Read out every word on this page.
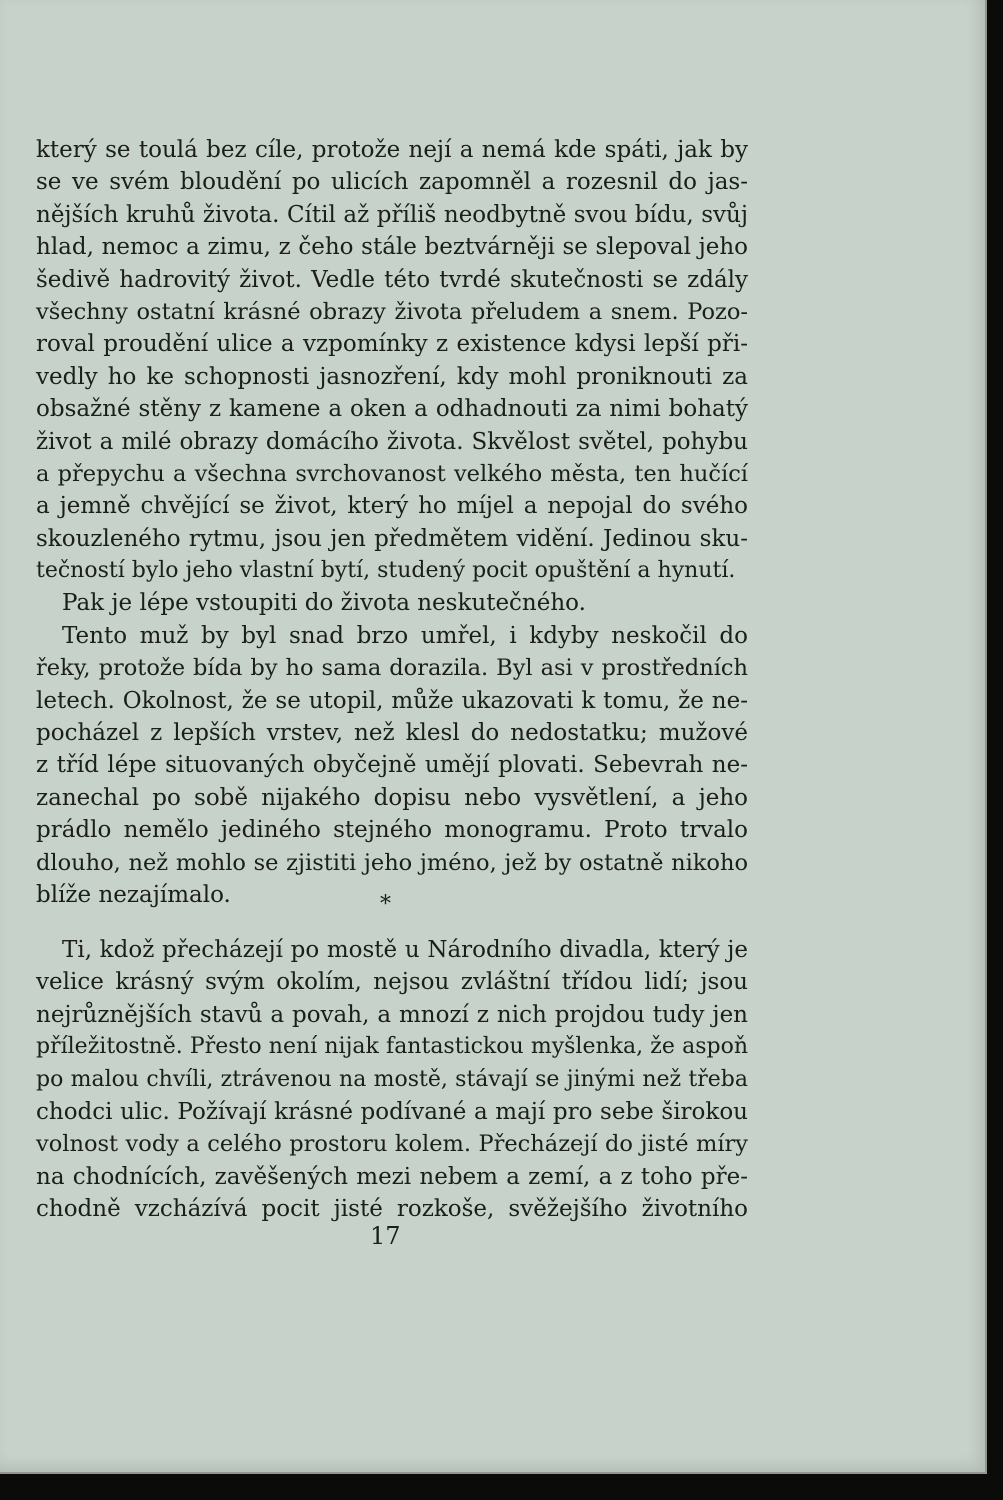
který se toulá bez cíle, protože nejí a nemá kde spáti, jak by
se ve svém bloudění po ulicích zapomněl a rozesnil do jas-
nějších kruhů života. Cítil až příliš neodbytně svou bídu, svůj
hlad, nemoc a zimu, z čeho stále beztvárněji se slepoval jeho
šedivě hadrovitý život. Vedle této tvrdé skutečnosti se zdály
všechny ostatní krásné obrazy života přeludem a snem. Pozo-
roval proudění ulice a vzpomínky z existence kdysi lepší při-
vedly ho ke schopnosti jasnozření, kdy mohl proniknouti za
obsažné stěny z kamene a oken a odhadnouti za nimi bohatý
život a milé obrazy domácího života. Skvělost světel, pohybu
a přepychu a všechna svrchovanost velkého města, ten hučící
a jemně chvějící se život, který ho míjel a nepojal do svého
skouzleného rytmu, jsou jen předmětem vidění. Jedinou sku-
tečností bylo jeho vlastní bytí, studený pocit opuštění a hynutí.
Pak je lépe vstoupiti do života neskutečného.
Tento muž by byl snad brzo umřel, i kdyby neskočil do
řeky, protože bída by ho sama dorazila. Byl asi v prostředních
letech. Okolnost, že se utopil, může ukazovati k tomu, že ne-
pocházel z lepších vrstev, než klesl do nedostatku; mužové
z tříd lépe situovaných obyčejně umějí plovati. Sebevrah ne-
zanechal po sobě nijakého dopisu nebo vysvětlení, a jeho
prádlo nemělo jediného stejného monogramu. Proto trvalo
dlouho, než mohlo se zjistiti jeho jméno, jež by ostatně nikoho
blíže nezajímalo.	*
Ti, kdož přecházejí po mostě u Národního divadla, který je
velice krásný svým okolím, nejsou zvláštní třídou lidí; jsou
nejrůznějších stavů a povah, a mnozí z nich projdou tudy jen
příležitostně. Přesto není nijak fantastickou myšlenka, že aspoň
po malou chvíli, ztrávenou na mostě, stávají se jinými než třeba
chodci ulic. Požívají krásné podívané a mají pro sebe širokou
volnost vody a celého prostoru kolem. Přecházejí do jisté míry
na chodnících, zavěšených mezi nebem a zemí, a z toho pře-
chodně vzcházívá pocit jisté rozkoše, svěžejšího životního
17
